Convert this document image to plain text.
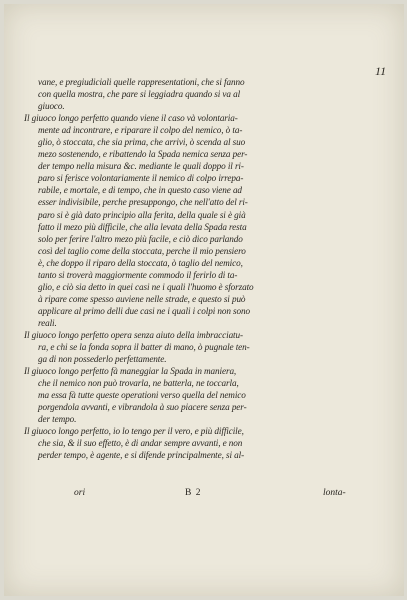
11
vane, e pregiudiciali quelle rappresentationi, che si fanno
con quella mostra, che pare si leggiadra quando si va al
giuoco.
Il giuoco longo perfetto quando viene il caso và volontaria-
mente ad incontrare, e riparare il colpo del nemico, ò ta-
glio, ò stoccata, che sia prima, che arrivi, ò scenda al suo
mezo sostenendo, e ribattendo la Spada nemica senza per-
der tempo nella misura &c. mediante le quali doppo il ri-
paro si ferisce volontariamente il nemico di colpo irrepa-
rabile, e mortale, e di tempo, che in questo caso viene ad
esser indivisibile, perche presuppongo, che nell'atto del ri-
paro si è già dato principio alla ferita, della quale si è già
fatto il mezo più difficile, che alla levata della Spada resta
solo per ferire l'altro mezo più facile, e ciò dico parlando
così del taglio come della stoccata, perche il mio pensiero
è, che doppo il riparo della stoccata, ò taglio del nemico,
tanto si troverà maggiormente commodo il ferirlo di ta-
glio, e ciò sia detto in quei casi ne i quali l'huomo è sforzato
à ripare come spesso auviene nelle strade, e questo si può
applicare al primo delli due casi ne i quali i colpi non sono
reali.
Il giuoco longo perfetto opera senza aiuto della imbracciatu-
ra, e chi se la fonda sopra il batter di mano, ò pugnale ten-
ga di non possederlo perfettamente.
Il giuoco longo perfetto fà maneggiar la Spada in maniera,
che il nemico non può trovarla, ne batterla, ne toccarla,
ma essa fà tutte queste operationi verso quella del nemico
porgendola avvanti, e vibrandola à suo piacere senza per-
der tempo.
Il giuoco longo perfetto, io lo tengo per il vero, e più difficile,
che sia, & il suo effetto, è di andar sempre avvanti, e non
perder tempo, è agente, e si difende principalmente, si al-
ori	B 2	lonta-
